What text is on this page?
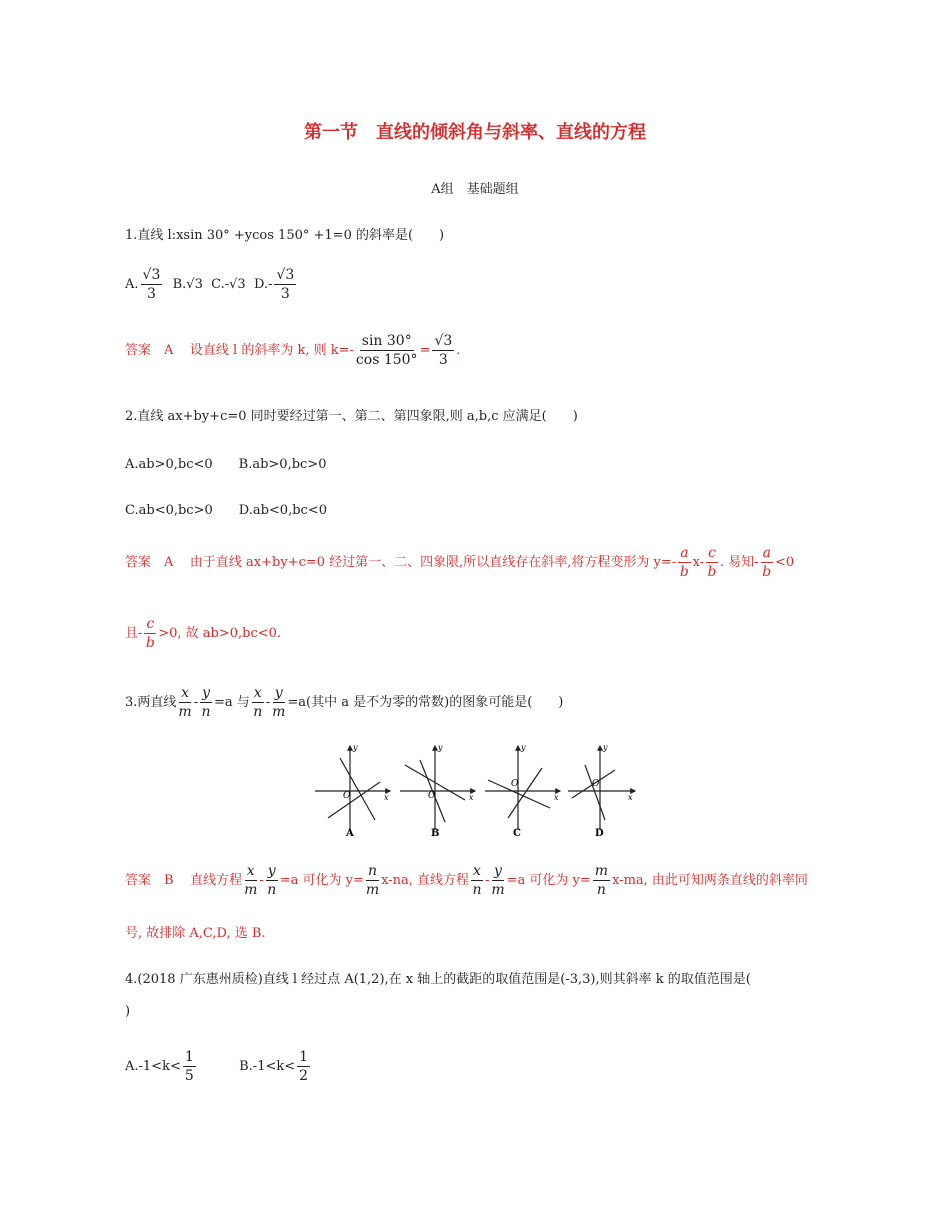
第一节　直线的倾斜角与斜率、直线的方程
A组　基础题组
1.直线 l:xsin 30° +ycos 150° +1=0 的斜率是(　　)
A. $\frac{√3}{3} B.√3$ C.-√3 $D.- \frac{√3}{3}$
答案　A 设直线 l 的斜率为 k, 则 $k=- \frac{\sin 30^\circ}{\cos 150^\circ} = \frac{√3}{3}$ .
2.直线 ax+by+c=0 同时要经过第一、第二、第四象限,则 a,b,c 应满足(　　)
A.ab>0,bc<0　　B.ab>0,bc>0
C.ab<0,bc>0　　D.ab<0,bc<0
答案　A 由于直线 ax+by+c=0 经过第一、二、四象限,所以直线存在斜率,将方程变形为 $y=- \frac{a}{b} x- \frac{c}{b}$ . 易知- $\frac{a}{b} <0$
且- $\frac{c}{b} >0$, 故 ab>0,bc<0.
3.两直线 $\frac{x}{m} - \frac{y}{n} =a$ 与 $\frac{x}{n} - \frac{y}{m} =a$(其中 a 是不为零的常数)的图象可能是(　　)
O	x
y
A
O	x
y
B
O
x
y
C
O
x
y
D
答案　B 直线方程 $\frac{x}{m} - \frac{y}{n} =a$ 可化为 $y= \frac{n}{m} x-na$, 直线方程 $\frac{x}{n} - \frac{y}{m} =a$ 可化为 $y= \frac{m}{n} x-ma$, 由此可知两条直线的斜率同
号, 故排除 A,C,D, 选 B.
4.(2018 广东惠州质检)直线 l 经过点 A(1,2),在 x 轴上的截距的取值范围是(-3,3),则其斜率 k 的取值范围是(
)
$A.-1<k< \frac{1}{5}$	$B.-1<k< \frac{1}{2}$
